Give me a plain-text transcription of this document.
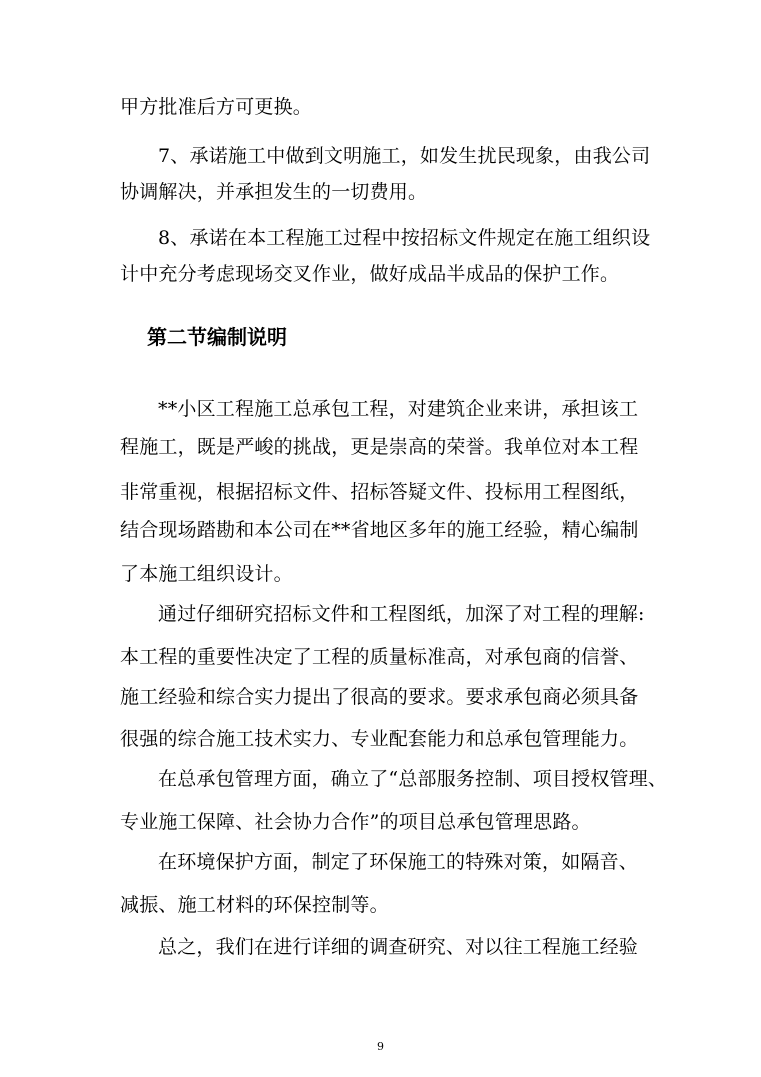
甲方批准后方可更换。

7、承诺施工中做到文明施工，如发生扰民现象，由我公司

协调解决，并承担发生的一切费用。

8、承诺在本工程施工过程中按招标文件规定在施工组织设

计中充分考虑现场交叉作业，做好成品半成品的保护工作。

第二节编制说明

**小区工程施工总承包工程，对建筑企业来讲，承担该工

程施工，既是严峻的挑战，更是崇高的荣誉。我单位对本工程

非常重视，根据招标文件、招标答疑文件、投标用工程图纸，

结合现场踏勘和本公司在**省地区多年的施工经验，精心编制

了本施工组织设计。

通过仔细研究招标文件和工程图纸，加深了对工程的理解:

本工程的重要性决定了工程的质量标准高，对承包商的信誉、

施工经验和综合实力提出了很高的要求。要求承包商必须具备

很强的综合施工技术实力、专业配套能力和总承包管理能力。

在总承包管理方面，确立了“总部服务控制、项目授权管理、

专业施工保障、社会协力合作”的项目总承包管理思路。

在环境保护方面，制定了环保施工的特殊对策，如隔音、

减振、施工材料的环保控制等。

总之，我们在进行详细的调查研究、对以往工程施工经验

9
